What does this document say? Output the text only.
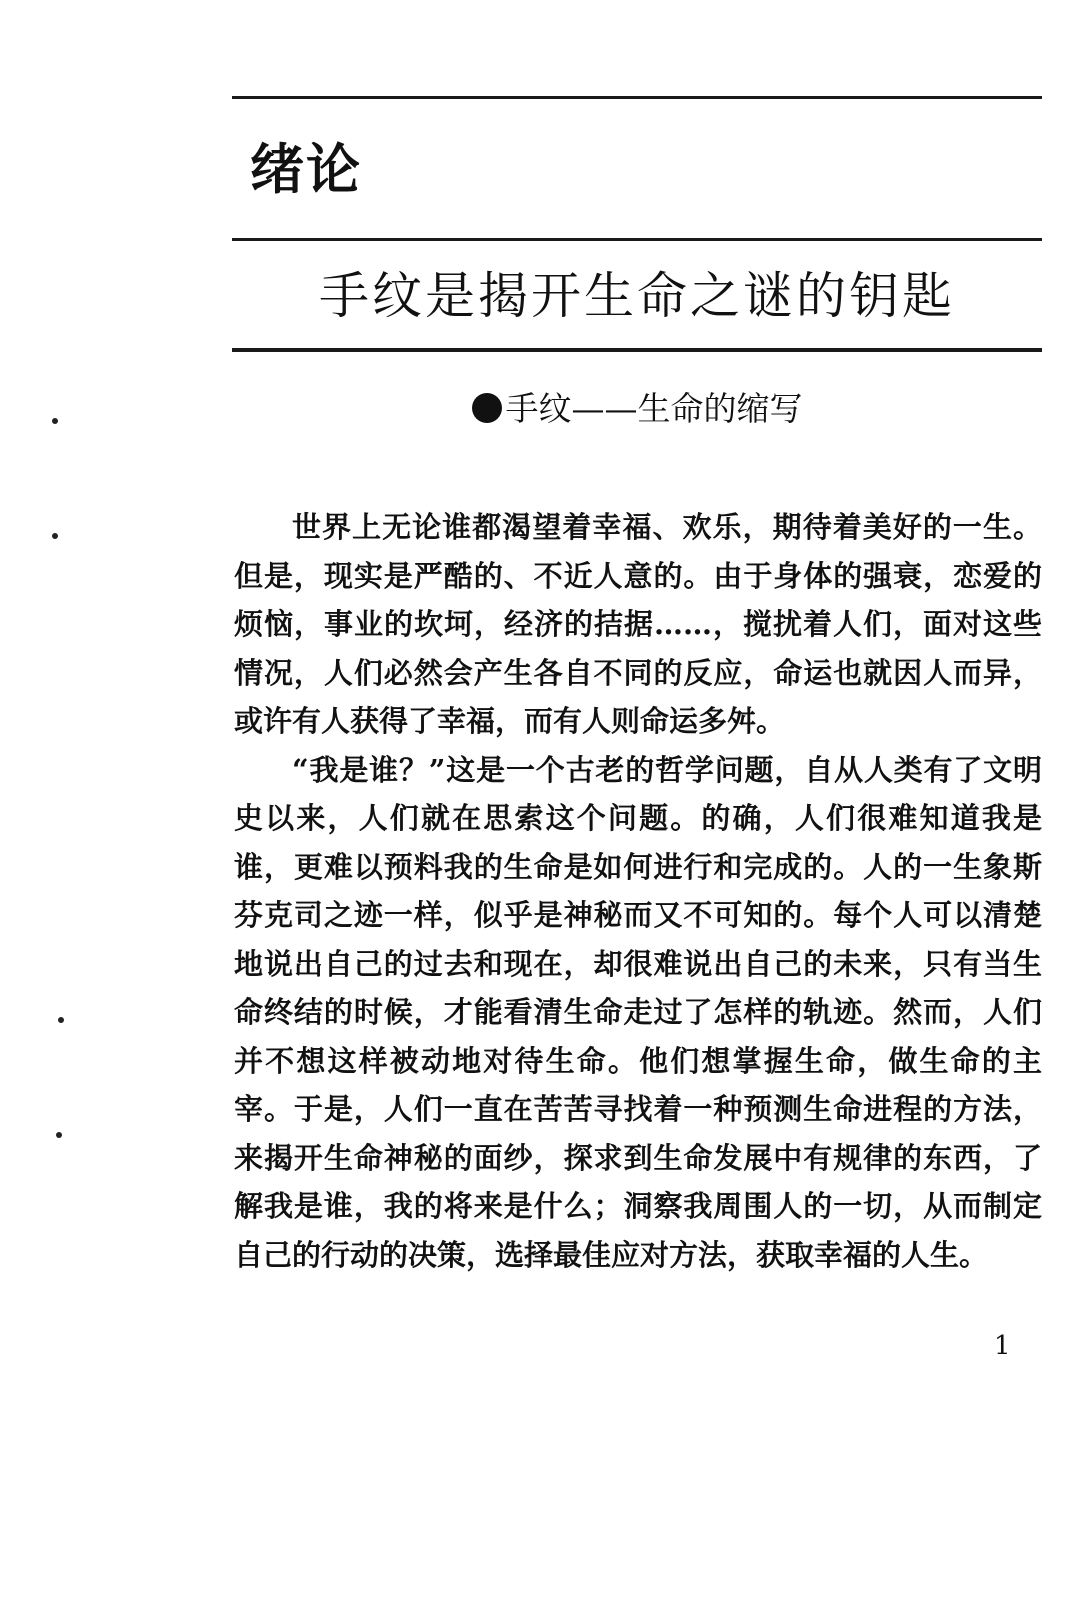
绪论
手纹是揭开生命之谜的钥匙
手纹——生命的缩写

世界上无论谁都渴望着幸福、欢乐，期待着美好的一生。但是，现实是严酷的、不近人意的。由于身体的强衰，恋爱的烦恼，事业的坎坷，经济的拮据……，搅扰着人们，面对这些情况，人们必然会产生各自不同的反应，命运也就因人而异，或许有人获得了幸福，而有人则命运多舛。

“我是谁？”这是一个古老的哲学问题，自从人类有了文明史以来，人们就在思索这个问题。的确，人们很难知道我是谁，更难以预料我的生命是如何进行和完成的。人的一生象斯芬克司之迹一样，似乎是神秘而又不可知的。每个人可以清楚地说出自己的过去和现在，却很难说出自己的未来，只有当生命终结的时候，才能看清生命走过了怎样的轨迹。然而，人们并不想这样被动地对待生命。他们想掌握生命，做生命的主宰。于是，人们一直在苦苦寻找着一种预测生命进程的方法，来揭开生命神秘的面纱，探求到生命发展中有规律的东西，了解我是谁，我的将来是什么；洞察我周围人的一切，从而制定自己的行动的决策，选择最佳应对方法，获取幸福的人生。

1
